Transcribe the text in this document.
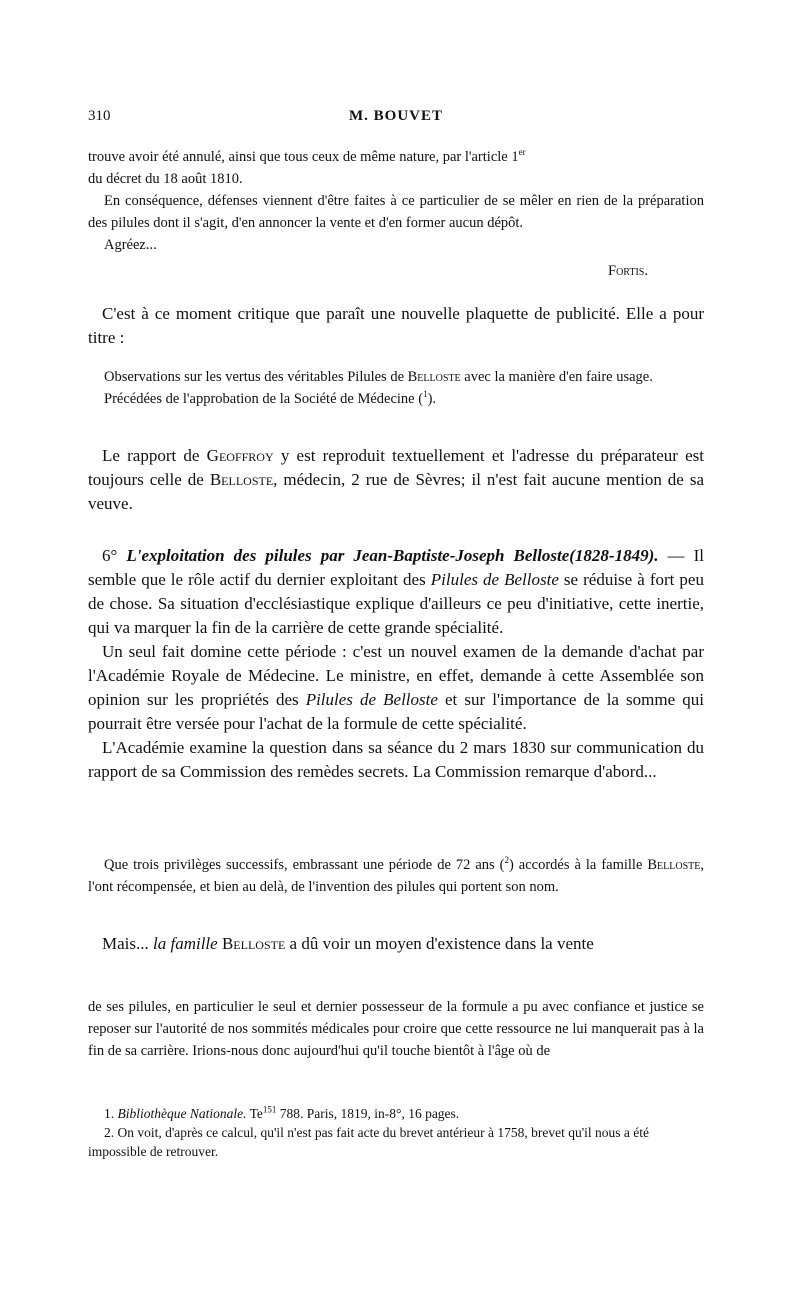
310	M. BOUVET

trouve avoir été annulé, ainsi que tous ceux de même nature, par l'article 1er

du décret du 18 août 1810.

En conséquence, défenses viennent d'être faites à ce particulier de se mêler en rien de la préparation des pilules dont il s'agit, d'en annoncer la vente et d'en former aucun dépôt.

Agréez...
Fortis.

C'est à ce moment critique que paraît une nouvelle plaquette de publicité. Elle a pour titre :

Observations sur les vertus des véritables Pilules de Belloste avec la manière d'en faire usage.

Précédées de l'approbation de la Société de Médecine ($^1$).

Le rapport de Geoffroy y est reproduit textuellement et l'adresse du préparateur est toujours celle de Belloste, médecin, 2 rue de Sèvres; il n'est fait aucune mention de sa veuve.

6° L'exploitation des pilules par Jean-Baptiste-Joseph Belloste(1828-1849). — Il semble que le rôle actif du dernier exploitant des Pilules de Belloste se réduise à fort peu de chose. Sa situation d'ecclésiastique explique d'ailleurs ce peu d'initiative, cette inertie, qui va marquer la fin de la carrière de cette grande spécialité.

Un seul fait domine cette période : c'est un nouvel examen de la demande d'achat par l'Académie Royale de Médecine. Le ministre, en effet, demande à cette Assemblée son opinion sur les propriétés des Pilules de Belloste et sur l'importance de la somme qui pourrait être versée pour l'achat de la formule de cette spécialité.

L'Académie examine la question dans sa séance du 2 mars 1830 sur communication du rapport de sa Commission des remèdes secrets. La Commission remarque d'abord...

Que trois privilèges successifs, embrassant une période de 72 ans ($^2$) accordés à la famille Belloste, l'ont récompensée, et bien au delà, de l'invention des pilules qui portent son nom.

Mais... la famille Belloste a dû voir un moyen d'existence dans la vente

de ses pilules, en particulier le seul et dernier possesseur de la formule a pu avec confiance et justice se reposer sur l'autorité de nos sommités médicales pour croire que cette ressource ne lui manquerait pas à la fin de sa carrière. Irions-nous donc aujourd'hui qu'il touche bientôt à l'âge où de

1. Bibliothèque Nationale. Te$^{151}$ 788. Paris, 1819, in-8°, 16 pages.

2. On voit, d'après ce calcul, qu'il n'est pas fait acte du brevet antérieur à 1758, brevet qu'il nous a été impossible de retrouver.
